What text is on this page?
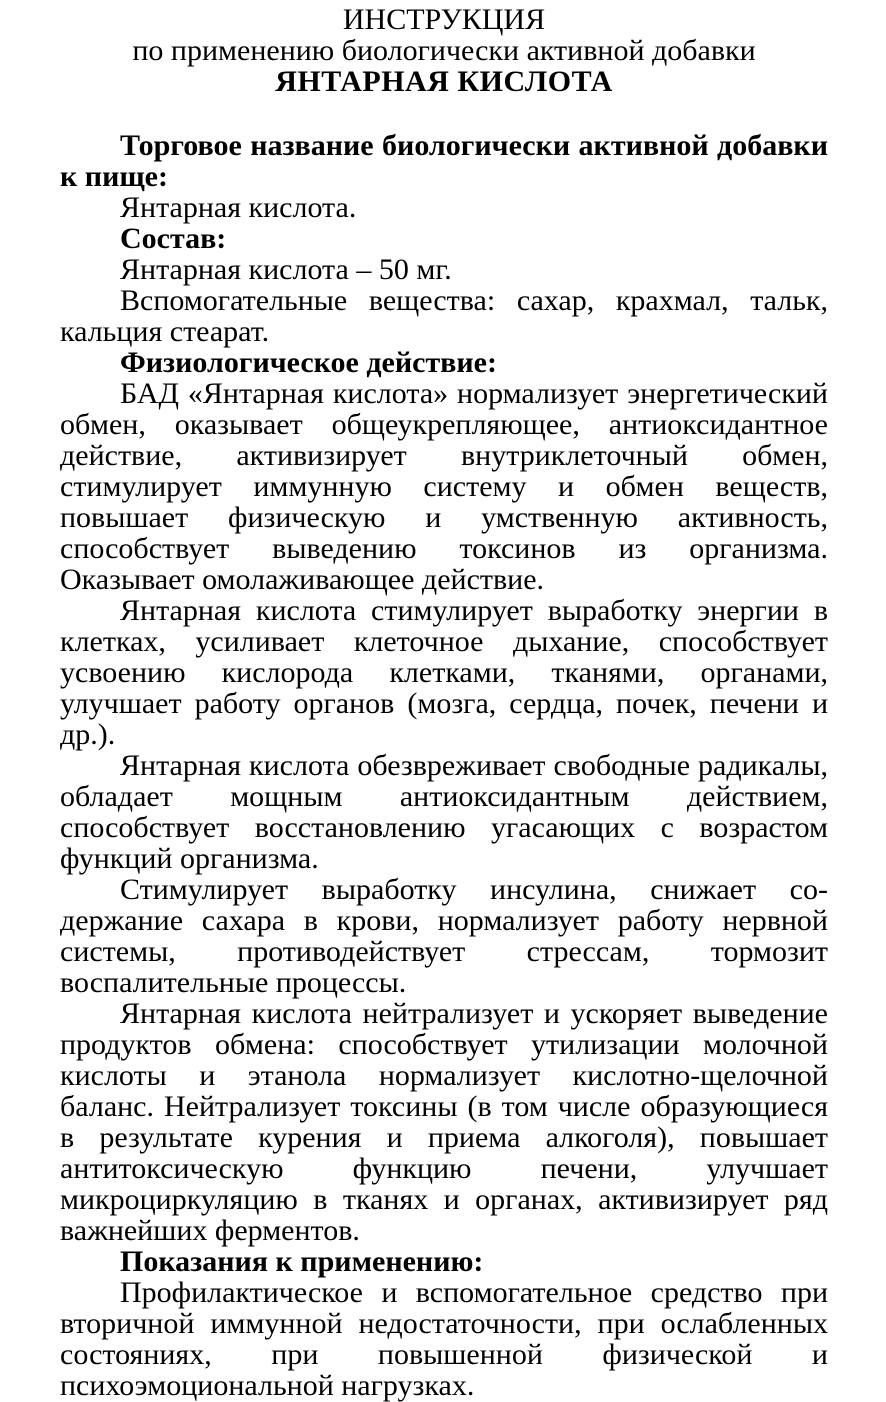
ИНСТРУКЦИЯ
по применению биологически активной добавки
ЯНТАРНАЯ КИСЛОТА

Торговое название биологически активной добавки к пище:

Янтарная кислота.

Состав:

Янтарная кислота – 50 мг.

Вспомогательные вещества: сахар, крахмал, тальк, кальция стеарат.

Физиологическое действие:

БАД «Янтарная кислота» нормализует энергетический обмен, оказывает общеукрепляющее, антиоксидантное действие, активизирует внутриклеточный обмен, стимулирует иммунную систему и обмен веществ, повышает физическую и умственную активность, способствует выведению токсинов из организма. Оказывает омолаживающее действие.

Янтарная кислота стимулирует выработку энергии в клетках, усиливает клеточное дыхание, способствует усвоению кислорода клетками, тканями, органами, улучшает работу органов (мозга, сердца, почек, печени и др.).

Янтарная кислота обезвреживает свободные радикалы, обладает мощным антиоксидантным действием, способствует восстановлению угасающих с возрастом функций организма.

Стимулирует выработку инсулина, снижает содержание сахара в крови, нормализует работу нервной системы, противодействует стрессам, тормозит воспалительные процессы.

Янтарная кислота нейтрализует и ускоряет выведение продуктов обмена: способствует утилизации молочной кислоты и этанола нормализует кислотно-щелочной баланс. Нейтрализует токсины (в том числе образующиеся в результате курения и приема алкоголя), повышает антитоксическую функцию печени, улучшает микроциркуляцию в тканях и органах, активизирует ряд важнейших ферментов.

Показания к применению:

Профилактическое и вспомогательное средство при вторичной иммунной недостаточности, при ослабленных состояниях, при повышенной физической и психоэмоциональной нагрузках.
